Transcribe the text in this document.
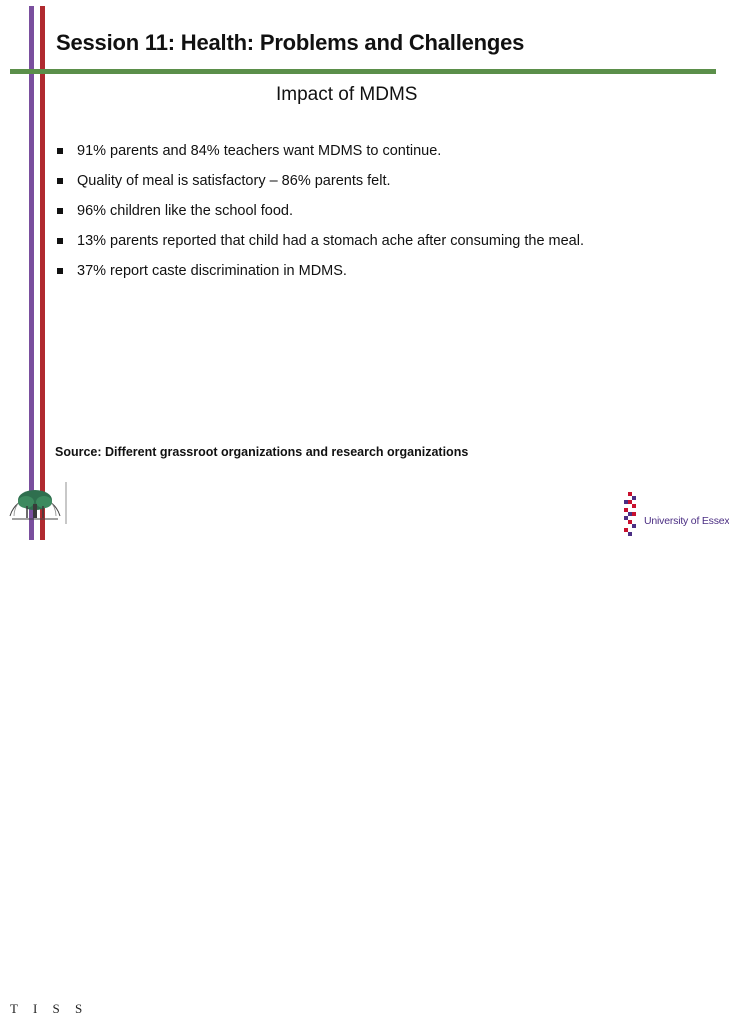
Session 11: Health: Problems and Challenges
Impact of MDMS
91% parents and 84% teachers want MDMS to continue.
Quality of meal is satisfactory – 86% parents felt.
96% children like the school food.
13% parents reported that child had a stomach ache after consuming the meal.
37% report caste discrimination in MDMS.
Source: Different grassroot organizations and research organizations
T I S S
University of Essex
